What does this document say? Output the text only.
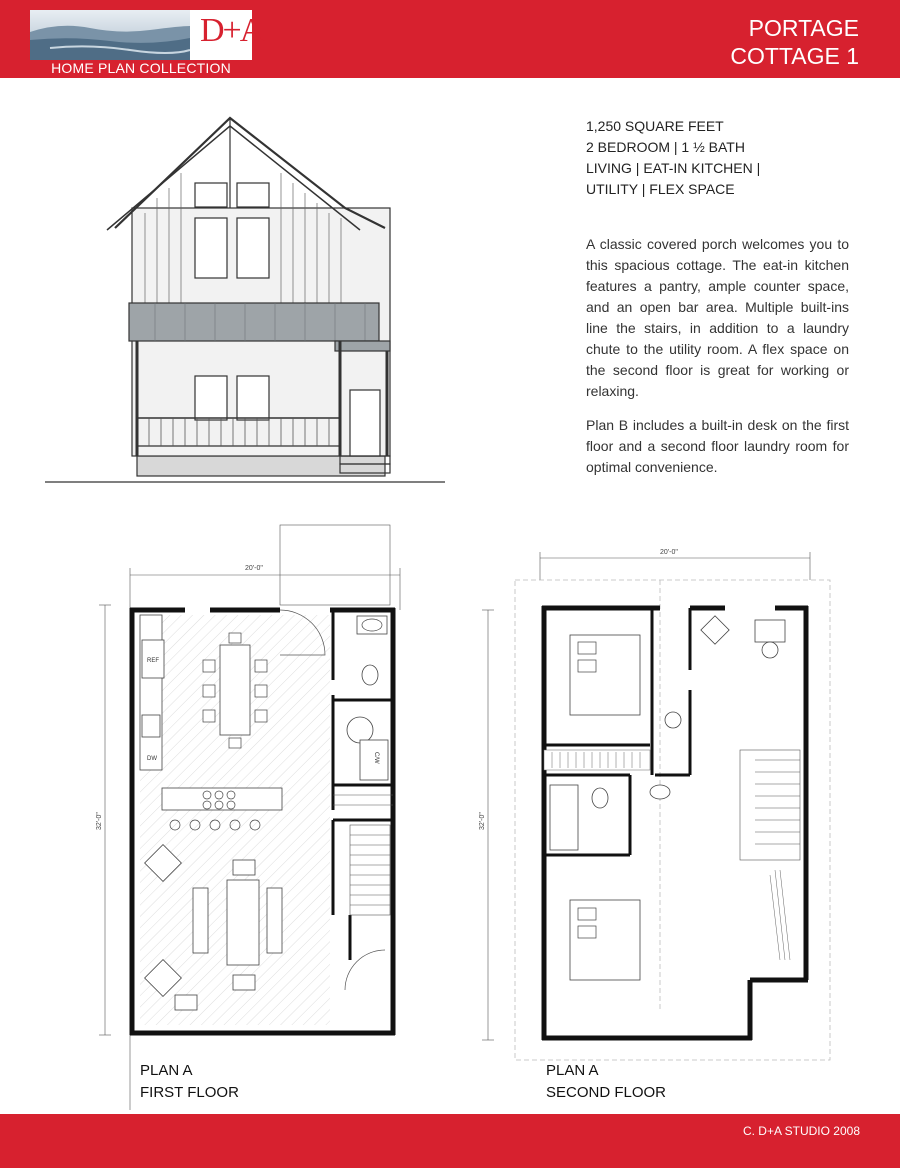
D+A
HOME PLAN COLLECTION
PORTAGE
COTTAGE 1
1,250 SQUARE FEET
2 BEDROOM | 1 ½ BATH
LIVING | EAT-IN KITCHEN |
UTILITY | FLEX SPACE

A classic covered porch welcomes you to this spacious cottage. The eat-in kitchen features a pantry, ample counter space, and an open bar area. Multiple built-ins line the stairs, in addition to a laundry chute to the utility room. A flex space on the second floor is great for working or relaxing.

Plan B includes a built-in desk on the first floor and a second floor laundry room for optimal convenience.

20'-0"
32'-0"
REF
DW	C/W
PLAN A
FIRST FLOOR
20'-0"
32'-0"
PLAN A
SECOND FLOOR
C. D+A STUDIO 2008
